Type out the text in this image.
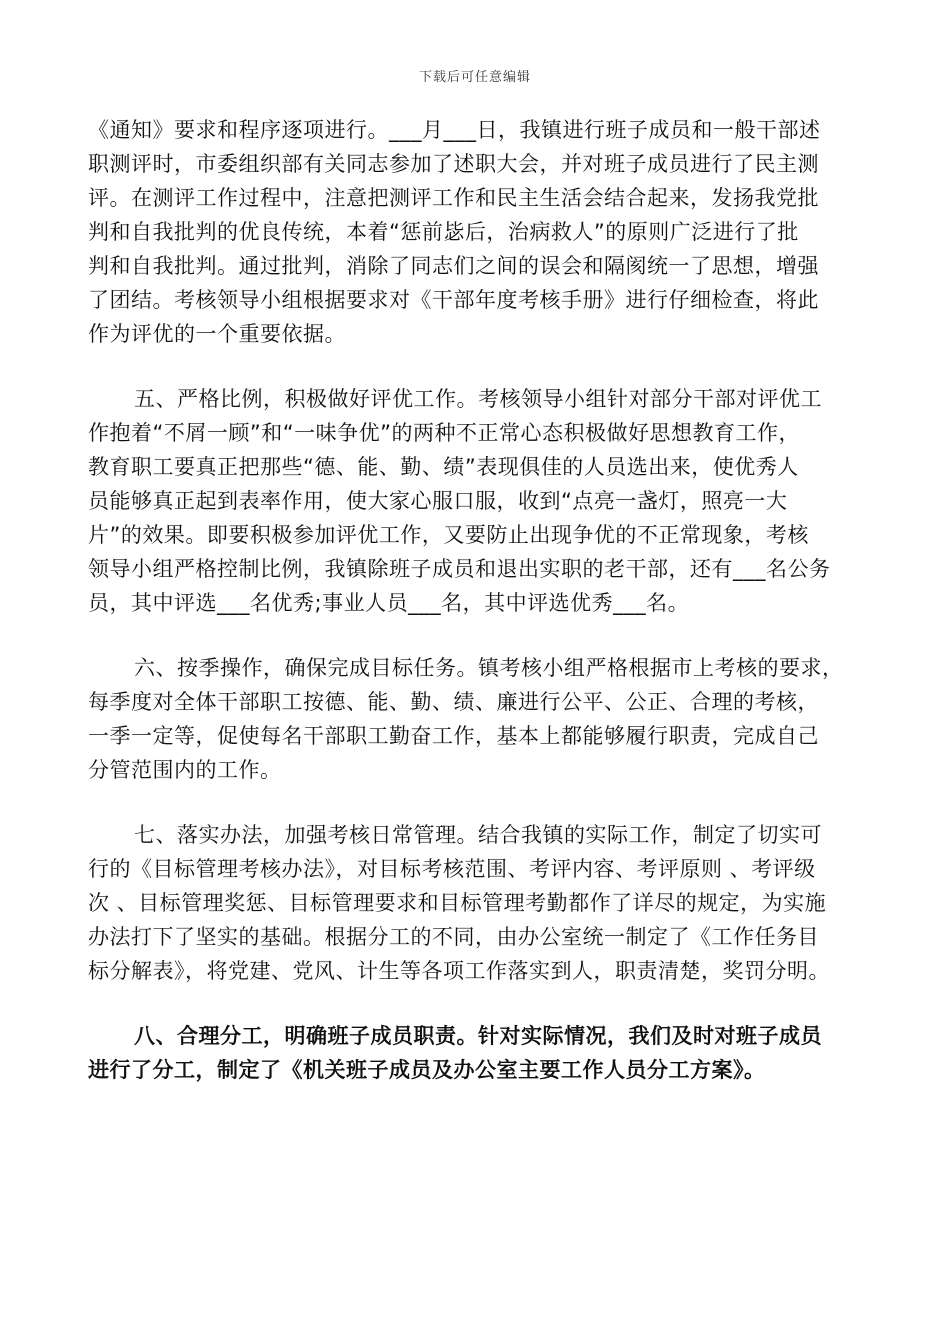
下载后可任意编辑

《通知》要求和程序逐项进行。___月___日，我镇进行班子成员和一般干部述
职测评时，市委组织部有关同志参加了述职大会，并对班子成员进行了民主测
评。在测评工作过程中，注意把测评工作和民主生活会结合起来，发扬我党批
判和自我批判的优良传统，本着“惩前毖后，治病救人”的原则广泛进行了批
判和自我批判。通过批判，消除了同志们之间的误会和隔阂统一了思想，增强
了团结。考核领导小组根据要求对《干部年度考核手册》进行仔细检查，将此
作为评优的一个重要依据。

五、严格比例，积极做好评优工作。考核领导小组针对部分干部对评优工
作抱着“不屑一顾”和“一味争优”的两种不正常心态积极做好思想教育工作，
教育职工要真正把那些“德、能、勤、绩”表现俱佳的人员选出来，使优秀人
员能够真正起到表率作用，使大家心服口服，收到“点亮一盏灯，照亮一大
片”的效果。即要积极参加评优工作，又要防止出现争优的不正常现象，考核
领导小组严格控制比例，我镇除班子成员和退出实职的老干部，还有___名公务
员，其中评选___名优秀;事业人员___名，其中评选优秀___名。

六、按季操作，确保完成目标任务。镇考核小组严格根据市上考核的要求，
每季度对全体干部职工按德、能、勤、绩、廉进行公平、公正、合理的考核，
一季一定等，促使每名干部职工勤奋工作，基本上都能够履行职责，完成自己
分管范围内的工作。

七、落实办法，加强考核日常管理。结合我镇的实际工作，制定了切实可
行的《目标管理考核办法》，对目标考核范围、考评内容、考评原则 、考评级
次 、目标管理奖惩、目标管理要求和目标管理考勤都作了详尽的规定，为实施
办法打下了坚实的基础。根据分工的不同，由办公室统一制定了《工作任务目
标分解表》，将党建、党风、计生等各项工作落实到人，职责清楚，奖罚分明。

八、合理分工，明确班子成员职责。针对实际情况，我们及时对班子成员
进行了分工，制定了《机关班子成员及办公室主要工作人员分工方案》。
